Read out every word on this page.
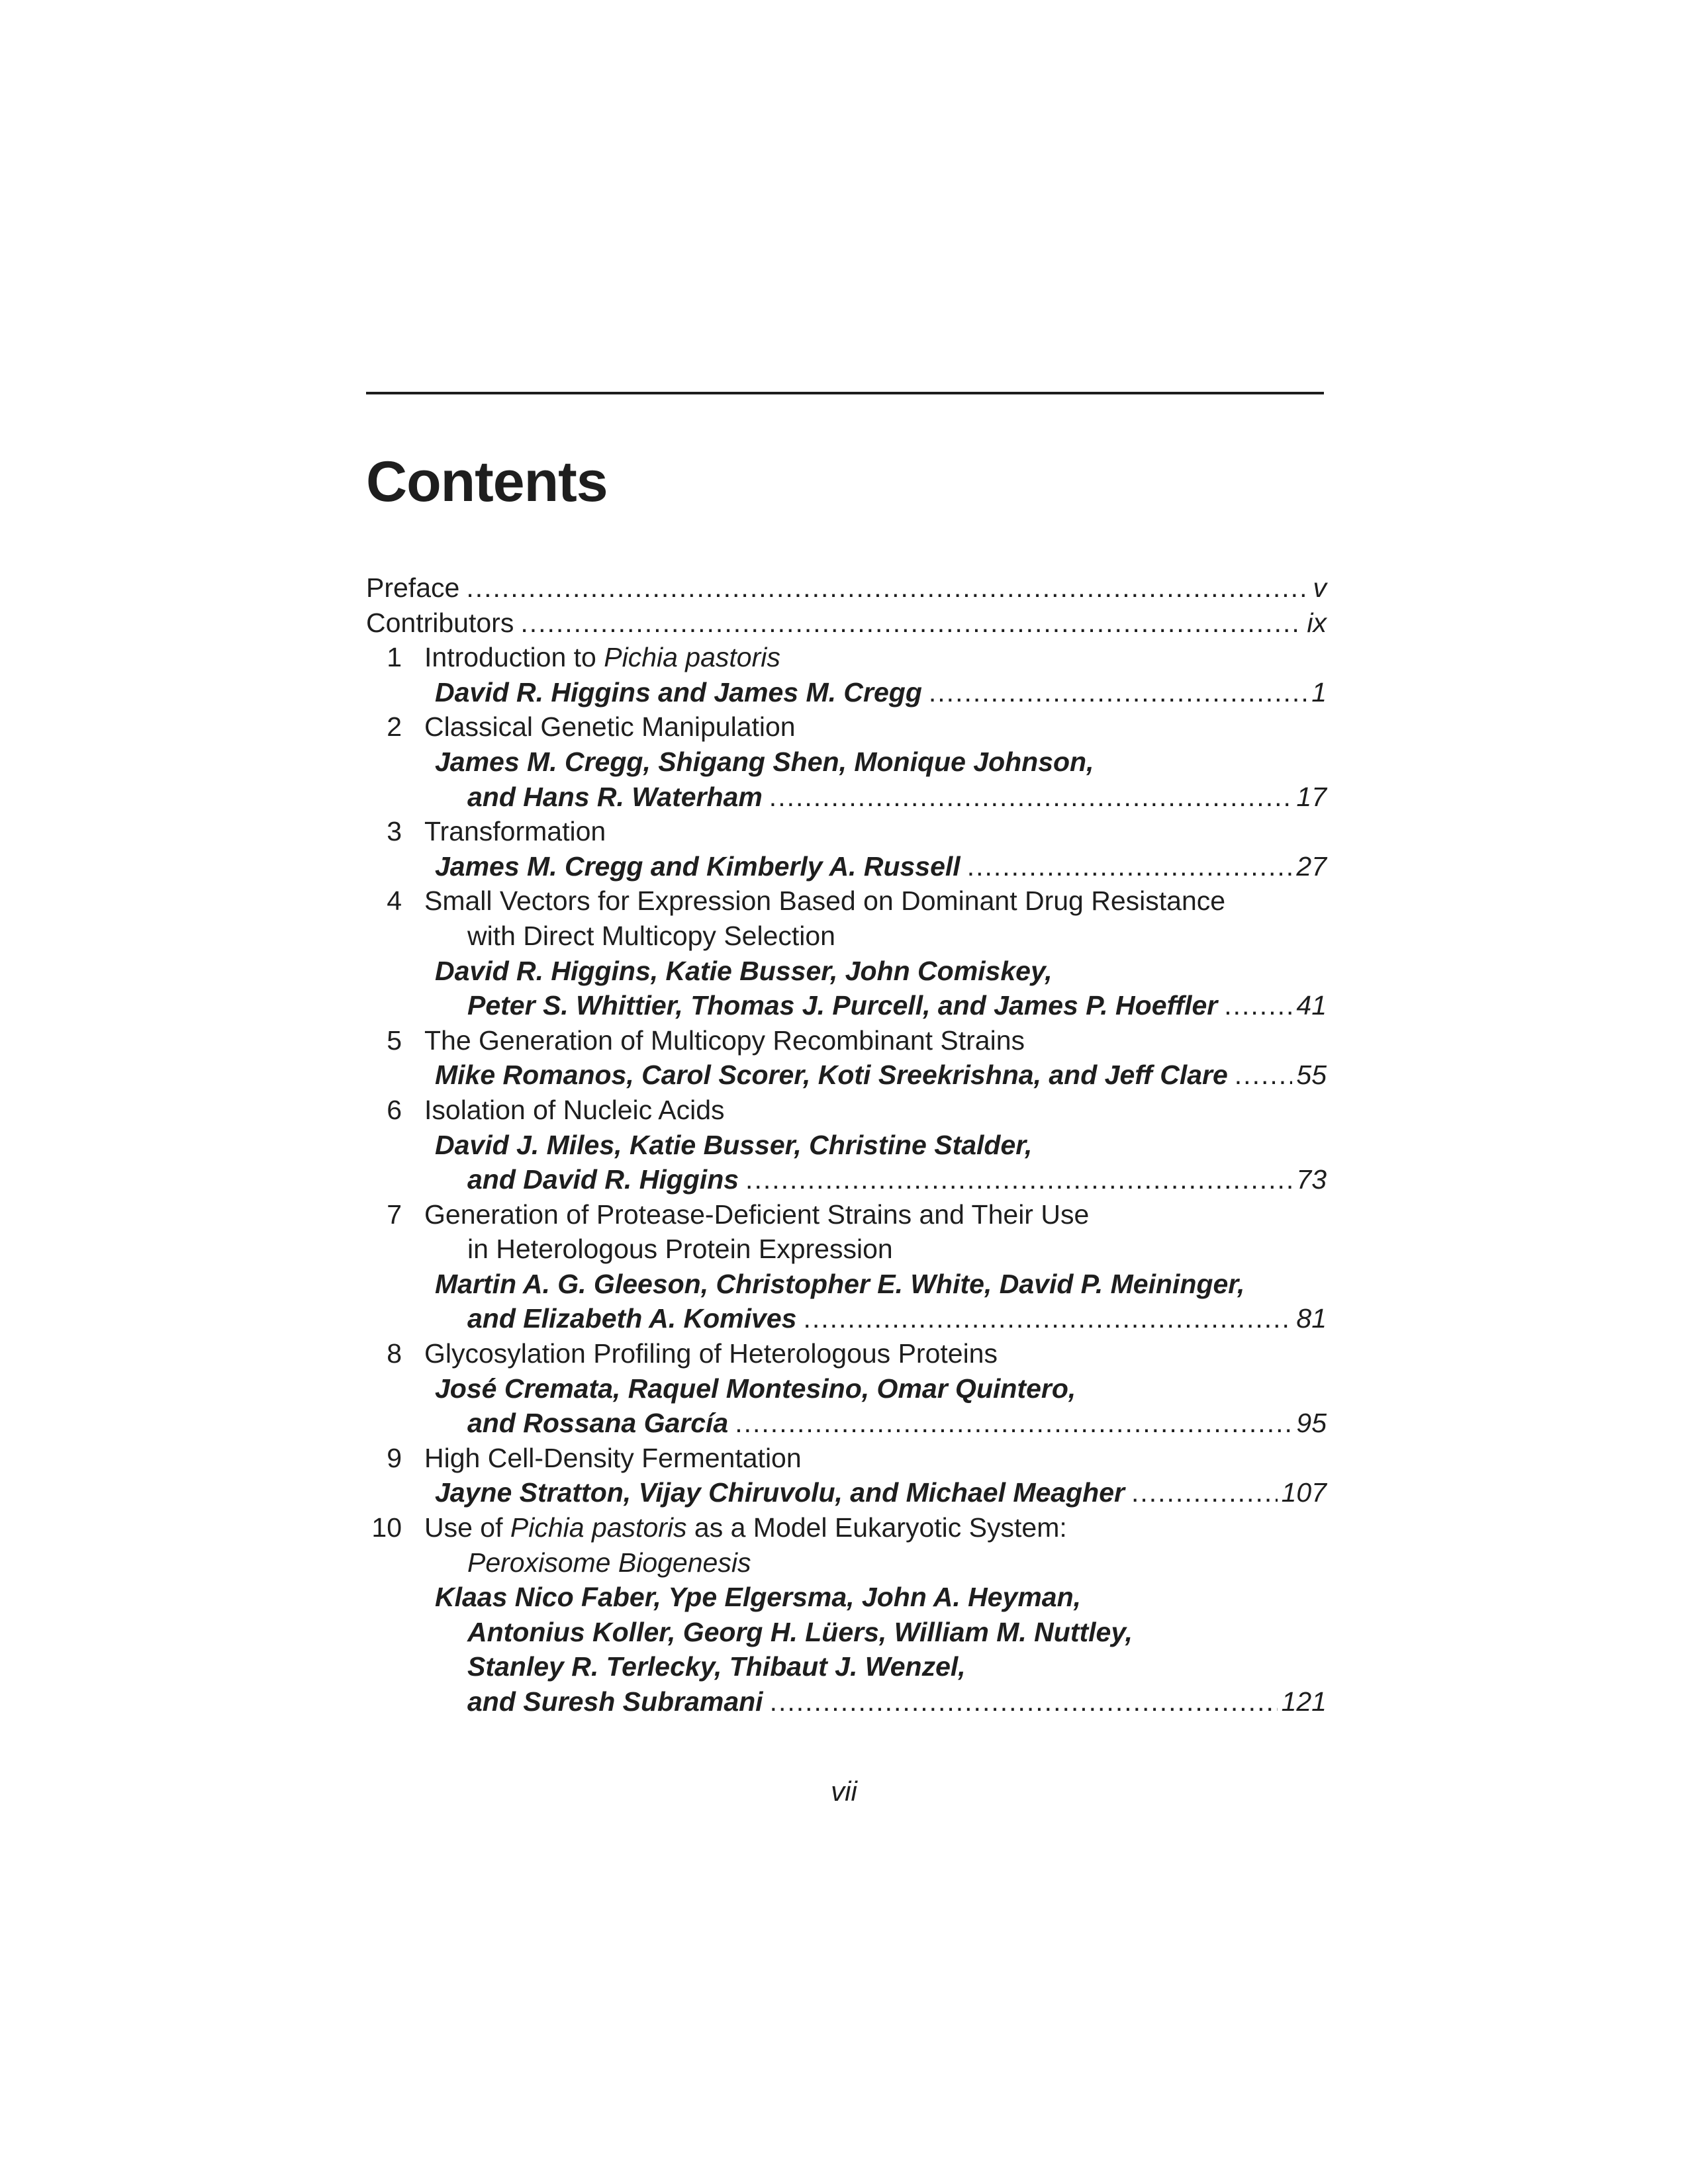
Contents
Preface .....	v
Contributors .....	ix
1 Introduction to Pichia pastoris
David R. Higgins and James M. Cregg .....	1
2 Classical Genetic Manipulation
James M. Cregg, Shigang Shen, Monique Johnson,
and Hans R. Waterham .....	17
3 Transformation
James M. Cregg and Kimberly A. Russell .....	27
4 Small Vectors for Expression Based on Dominant Drug Resistance
with Direct Multicopy Selection
David R. Higgins, Katie Busser, John Comiskey,
Peter S. Whittier, Thomas J. Purcell, and James P. Hoeffler .....	41
5 The Generation of Multicopy Recombinant Strains
Mike Romanos, Carol Scorer, Koti Sreekrishna, and Jeff Clare .....	55
6 Isolation of Nucleic Acids
David J. Miles, Katie Busser, Christine Stalder,
and David R. Higgins .....	73
7 Generation of Protease-Deficient Strains and Their Use
in Heterologous Protein Expression
Martin A. G. Gleeson, Christopher E. White, David P. Meininger,
and Elizabeth A. Komives .....	81
8 Glycosylation Profiling of Heterologous Proteins
José Cremata, Raquel Montesino, Omar Quintero,
and Rossana García .....	95
9 High Cell-Density Fermentation
Jayne Stratton, Vijay Chiruvolu, and Michael Meagher .....	107
10 Use of Pichia pastoris as a Model Eukaryotic System:
Peroxisome Biogenesis
Klaas Nico Faber, Ype Elgersma, John A. Heyman,
Antonius Koller, Georg H. Lüers, William M. Nuttley,
Stanley R. Terlecky, Thibaut J. Wenzel,
and Suresh Subramani .....	121
vii
